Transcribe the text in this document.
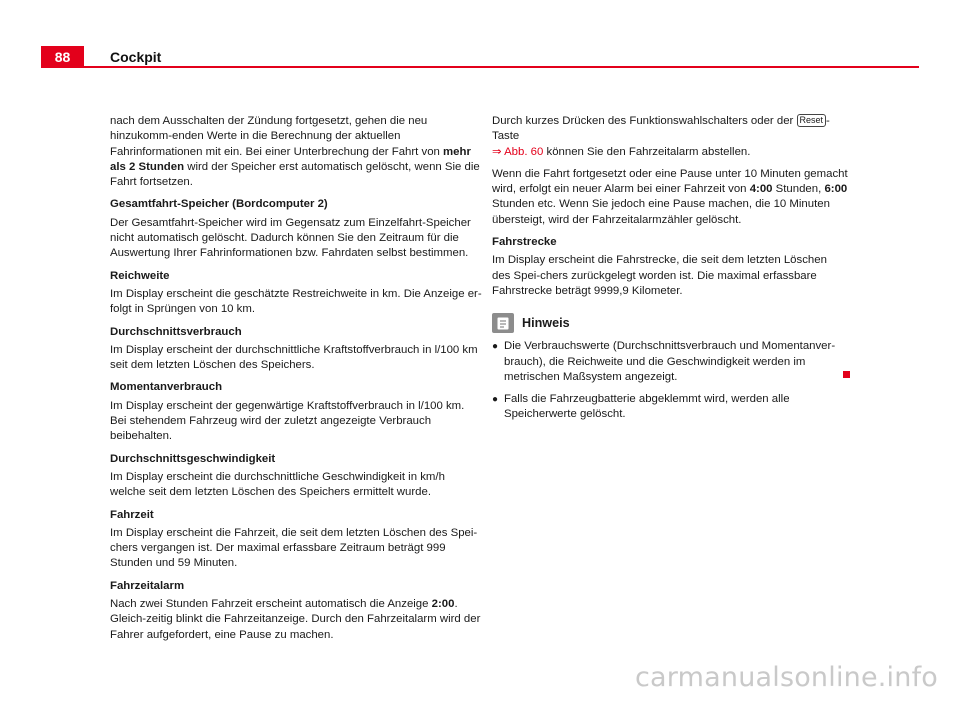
88	Cockpit

nach dem Ausschalten der Zündung fortgesetzt, gehen die neu hinzukomm-enden Werte in die Berechnung der aktuellen Fahrinformationen mit ein. Bei einer Unterbrechung der Fahrt von mehr als 2 Stunden wird der Speicher erst automatisch gelöscht, wenn Sie die Fahrt fortsetzen.

Gesamtfahrt-Speicher (Bordcomputer 2)

Der Gesamtfahrt-Speicher wird im Gegensatz zum Einzelfahrt-Speicher nicht automatisch gelöscht. Dadurch können Sie den Zeitraum für die Auswertung Ihrer Fahrinformationen bzw. Fahrdaten selbst bestimmen.

Reichweite

Im Display erscheint die geschätzte Restreichweite in km. Die Anzeige er-folgt in Sprüngen von 10 km.

Durchschnittsverbrauch

Im Display erscheint der durchschnittliche Kraftstoffverbrauch in l/100 km seit dem letzten Löschen des Speichers.

Momentanverbrauch

Im Display erscheint der gegenwärtige Kraftstoffverbrauch in l/100 km. Bei stehendem Fahrzeug wird der zuletzt angezeigte Verbrauch beibehalten.

Durchschnittsgeschwindigkeit

Im Display erscheint die durchschnittliche Geschwindigkeit in km/h welche seit dem letzten Löschen des Speichers ermittelt wurde.

Fahrzeit

Im Display erscheint die Fahrzeit, die seit dem letzten Löschen des Spei-chers vergangen ist. Der maximal erfassbare Zeitraum beträgt 999 Stunden und 59 Minuten.

Fahrzeitalarm

Nach zwei Stunden Fahrzeit erscheint automatisch die Anzeige 2:00. Gleich-zeitig blinkt die Fahrzeitanzeige. Durch den Fahrzeitalarm wird der Fahrer aufgefordert, eine Pause zu machen.

Durch kurzes Drücken des Funktionswahlschalters oder der Reset -Taste
⇒ Abb. 60 können Sie den Fahrzeitalarm abstellen.

Wenn die Fahrt fortgesetzt oder eine Pause unter 10 Minuten gemacht wird, erfolgt ein neuer Alarm bei einer Fahrzeit von 4:00 Stunden, 6:00 Stunden etc. Wenn Sie jedoch eine Pause machen, die 10 Minuten übersteigt, wird der Fahrzeitalarmzähler gelöscht.

Fahrstrecke

Im Display erscheint die Fahrstrecke, die seit dem letzten Löschen des Spei-chers zurückgelegt worden ist. Die maximal erfassbare Fahrstrecke beträgt 9999,9 Kilometer.

Hinweis
● Die Verbrauchswerte (Durchschnittsverbrauch und Momentanver-brauch), die Reichweite und die Geschwindigkeit werden im metrischen Maßsystem angezeigt.
● Falls die Fahrzeugbatterie abgeklemmt wird, werden alle Speicherwerte gelöscht.
carmanualsonline.info
